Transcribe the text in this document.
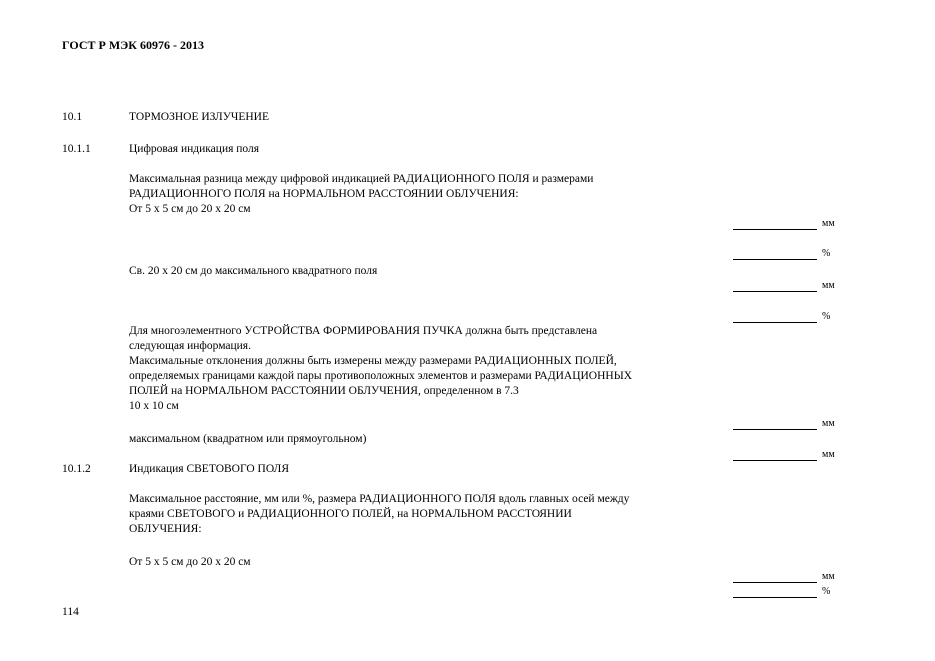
ГОСТ Р МЭК 60976 - 2013
10.1	ТОРМОЗНОЕ ИЗЛУЧЕНИЕ
10.1.1	Цифровая индикация поля
Максимальная разница между цифровой индикацией РАДИАЦИОННОГО ПОЛЯ и размерами
РАДИАЦИОННОГО ПОЛЯ на НОРМАЛЬНОМ РАССТОЯНИИ ОБЛУЧЕНИЯ:
От 5 х 5 см до 20 х 20 см
мм
%
Св. 20 х 20 см до максимального квадратного поля
мм
%
Для многоэлементного УСТРОЙСТВА ФОРМИРОВАНИЯ ПУЧКА должна быть представлена
следующая информация.
Максимальные отклонения должны быть измерены между размерами РАДИАЦИОННЫХ ПОЛЕЙ,
определяемых границами каждой пары противоположных элементов и размерами РАДИАЦИОННЫХ
ПОЛЕЙ на НОРМАЛЬНОМ РАССТОЯНИИ ОБЛУЧЕНИЯ, определенном в 7.3
10 х 10 см
мм
максимальном (квадратном или прямоугольном)
мм
10.1.2	Индикация СВЕТОВОГО ПОЛЯ
Максимальное расстояние, мм или %, размера РАДИАЦИОННОГО ПОЛЯ вдоль главных осей между
краями СВЕТОВОГО и РАДИАЦИОННОГО ПОЛЕЙ, на НОРМАЛЬНОМ РАССТОЯНИИ
ОБЛУЧЕНИЯ:
От 5 х 5 см до 20 х 20 см
мм
%
114
